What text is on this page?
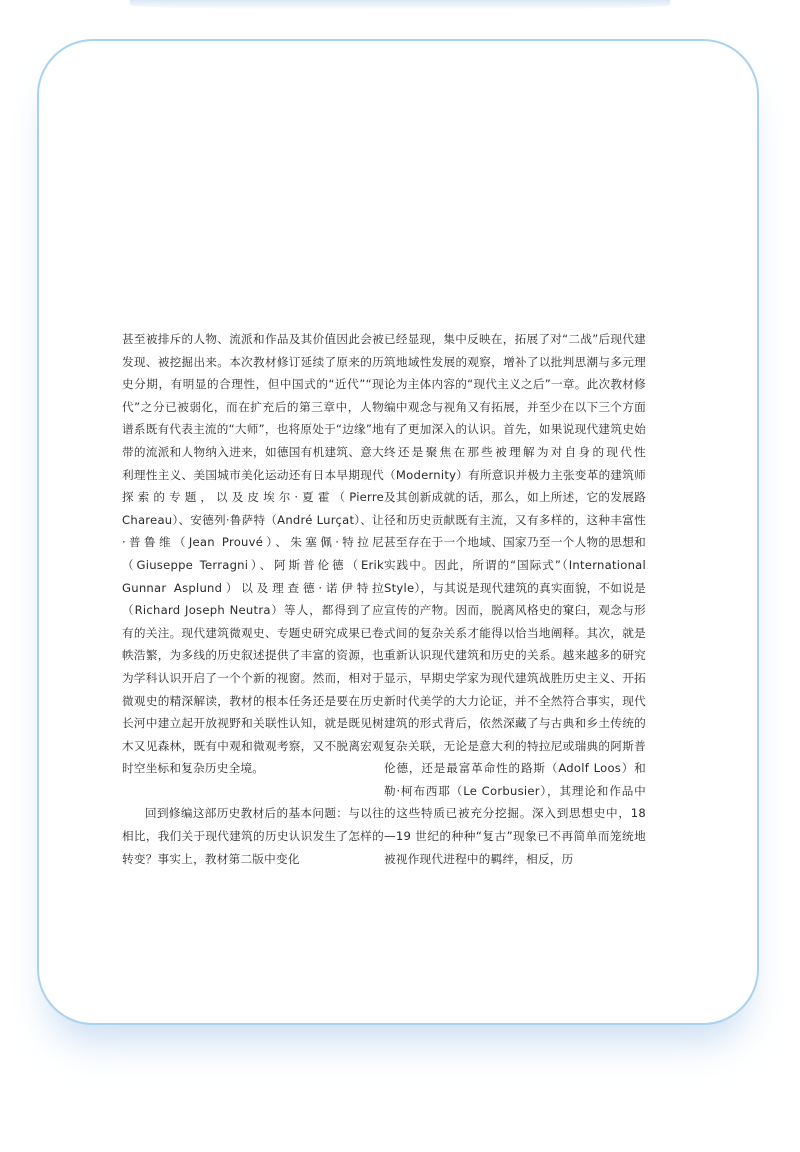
甚至被排斥的人物、流派和作品及其价值因此会被发现、被挖掘出来。本次教材修订延续了原来的历史分期，有明显的合理性，但中国式的“近代”“现代”之分已被弱化，而在扩充后的第三章中，人物谱系既有代表主流的“大师”，也将原处于“边缘”地带的流派和人物纳入进来，如德国有机建筑、意大利理性主义、美国城市美化运动还有日本早期现代探索的专题，以及皮埃尔·夏霍（Pierre Chareau）、安德列·鲁萨特（André Lurçat）、让·普鲁维（Jean Prouvé）、朱塞佩·特拉尼（Giuseppe Terragni）、阿斯普伦德（Erik Gunnar Asplund）以及理查德·诺伊特拉（Richard Joseph Neutra）等人，都得到了应有的关注。现代建筑微观史、专题史研究成果已卷帙浩繁，为多线的历史叙述提供了丰富的资源，也为学科认识开启了一个个新的视窗。然而，相对于微观史的精深解读，教材的根本任务还是要在历史长河中建立起开放视野和关联性认知，就是既见树木又见森林，既有中观和微观考察，又不脱离宏观时空坐标和复杂历史全境。

回到修编这部历史教材后的基本问题：与以往相比，我们关于现代建筑的历史认识发生了怎样的转变？事实上，教材第二版中变化

已经显现，集中反映在，拓展了对“二战”后现代建筑地域性发展的观察，增补了以批判思潮与多元理论为主体内容的“现代主义之后”一章。此次教材修编中观念与视角又有拓展，并至少在以下三个方面有了更加深入的认识。首先，如果说现代建筑史始终还是聚焦在那些被理解为对自身的现代性（Modernity）有所意识并极力主张变革的建筑师及其创新成就的话，那么，如上所述，它的发展路径和历史贡献既有主流，又有多样的，这种丰富性甚至存在于一个地域、国家乃至一个人物的思想和实践中。因此，所谓的“国际式”（International Style），与其说是现代建筑的真实面貌，不如说是宣传的产物。因而，脱离风格史的窠臼，观念与形式间的复杂关系才能得以恰当地阐释。其次，就是重新认识现代建筑和历史的关系。越来越多的研究显示，早期史学家为现代建筑战胜历史主义、开拓新时代美学的大力论证，并不全然符合事实，现代建筑的形式背后，依然深藏了与古典和乡土传统的复杂关联，无论是意大利的特拉尼或瑞典的阿斯普伦德，还是最富革命性的路斯（Adolf Loos）和勒·柯布西耶（Le Corbusier），其理论和作品中的这些特质已被充分挖掘。深入到思想史中，18—19 世纪的种种“复古”现象已不再简单而笼统地被视作现代进程中的羁绊，相反，历
